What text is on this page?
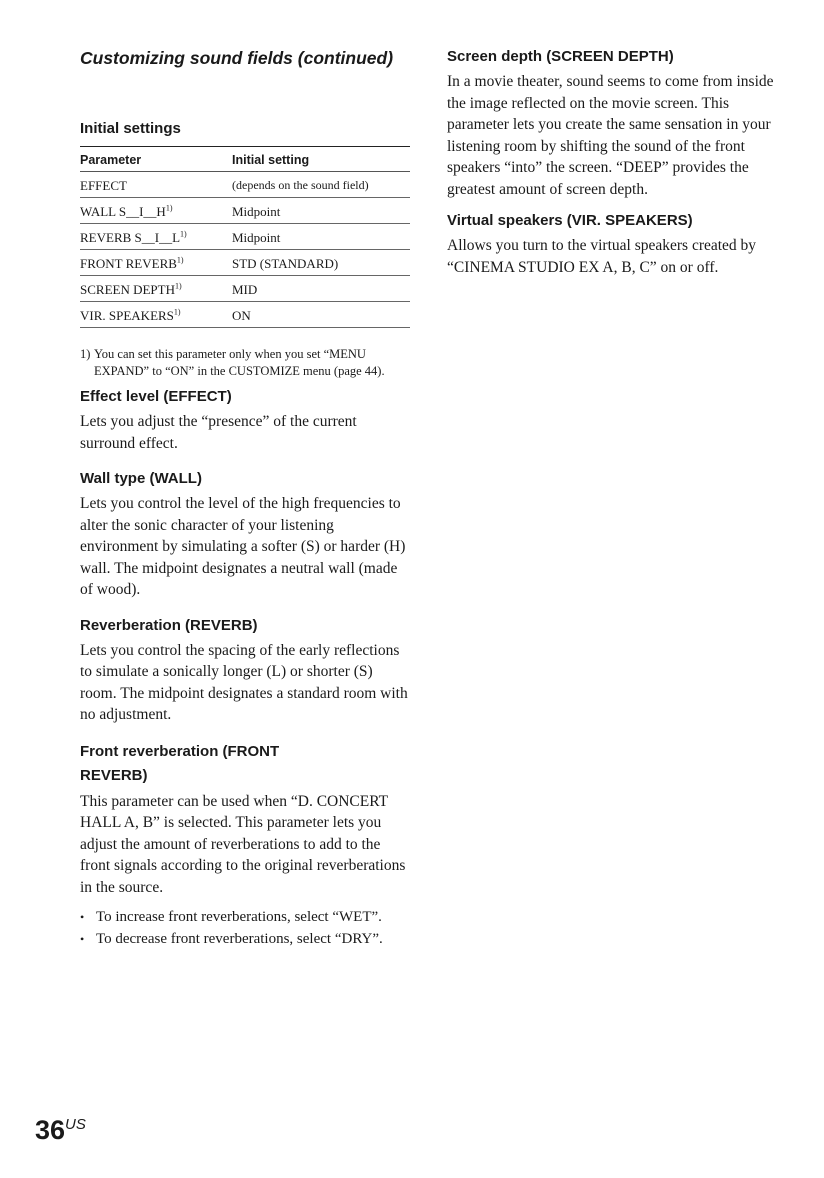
Customizing sound fields (continued)
Initial settings
Parameter	Initial setting
EFFECT	(depends on the sound field)
WALL $S\_\_I\_\_H^{1)}$	Midpoint
REVERB $S\_\_I\_\_L^{1)}$	Midpoint
FRONT REVERB$^{1)}$	STD (STANDARD)
SCREEN DEPTH$^{1)}$	MID
VIR. SPEAKERS$^{1)}$	ON

1) You can set this parameter only when you set “MENU EXPAND” to “ON” in the CUSTOMIZE menu (page 44).

Effect level (EFFECT)

Lets you adjust the “presence” of the current surround effect.

Wall type (WALL)

Lets you control the level of the high frequencies to alter the sonic character of your listening environment by simulating a softer (S) or harder (H) wall. The midpoint designates a neutral wall (made of wood).

Reverberation (REVERB)

Lets you control the spacing of the early reflections to simulate a sonically longer (L) or shorter (S) room. The midpoint designates a standard room with no adjustment.

Front reverberation (FRONT REVERB)

This parameter can be used when “D. CONCERT HALL A, B” is selected. This parameter lets you adjust the amount of reverberations to add to the front signals according to the original reverberations in the source.

• To increase front reverberations, select “WET”.
• To decrease front reverberations, select “DRY”.
Screen depth (SCREEN DEPTH)

In a movie theater, sound seems to come from inside the image reflected on the movie screen. This parameter lets you create the same sensation in your listening room by shifting the sound of the front speakers “into” the screen. “DEEP” provides the greatest amount of screen depth.

Virtual speakers (VIR. SPEAKERS)

Allows you turn to the virtual speakers created by “CINEMA STUDIO EX A, B, C” on or off.

$36^{US}$
